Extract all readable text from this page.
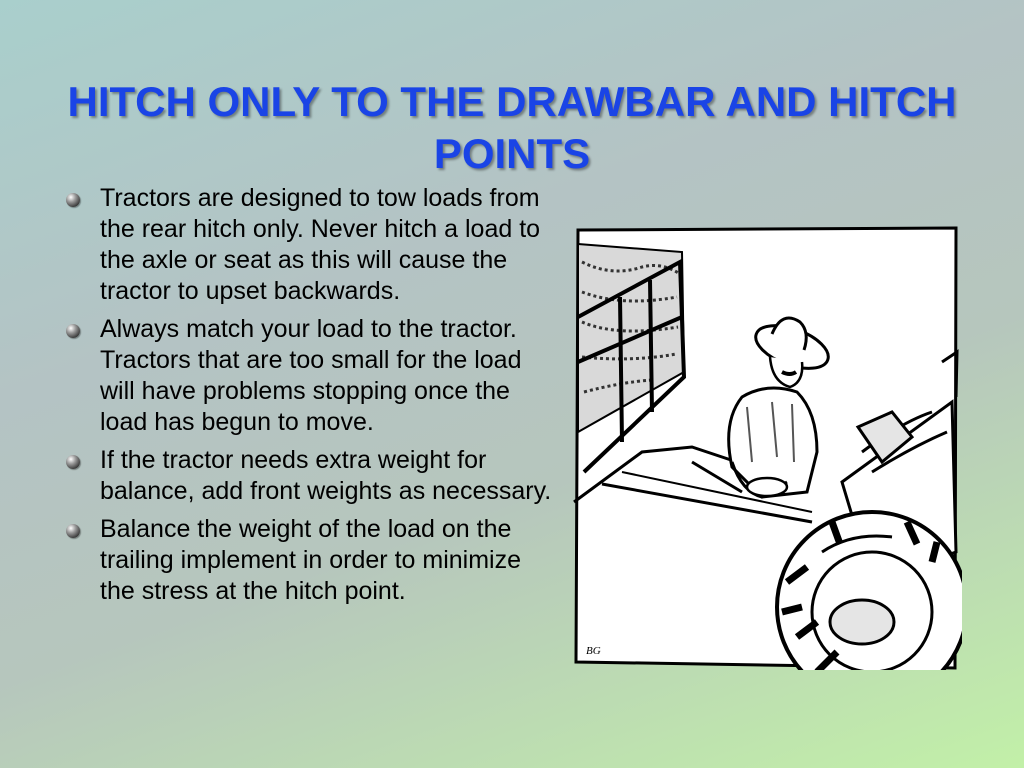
HITCH ONLY TO THE DRAWBAR AND HITCH POINTS
Tractors are designed to tow loads from the rear hitch only. Never hitch a load to the axle or seat as this will cause the tractor to upset backwards.
Always match your load to the tractor. Tractors that are too small for the load will have problems stopping once the load has begun to move.
If the tractor needs extra weight for balance, add front weights as necessary.
Balance the weight of the load on the trailing implement in order to minimize the stress at the hitch point.
BG
